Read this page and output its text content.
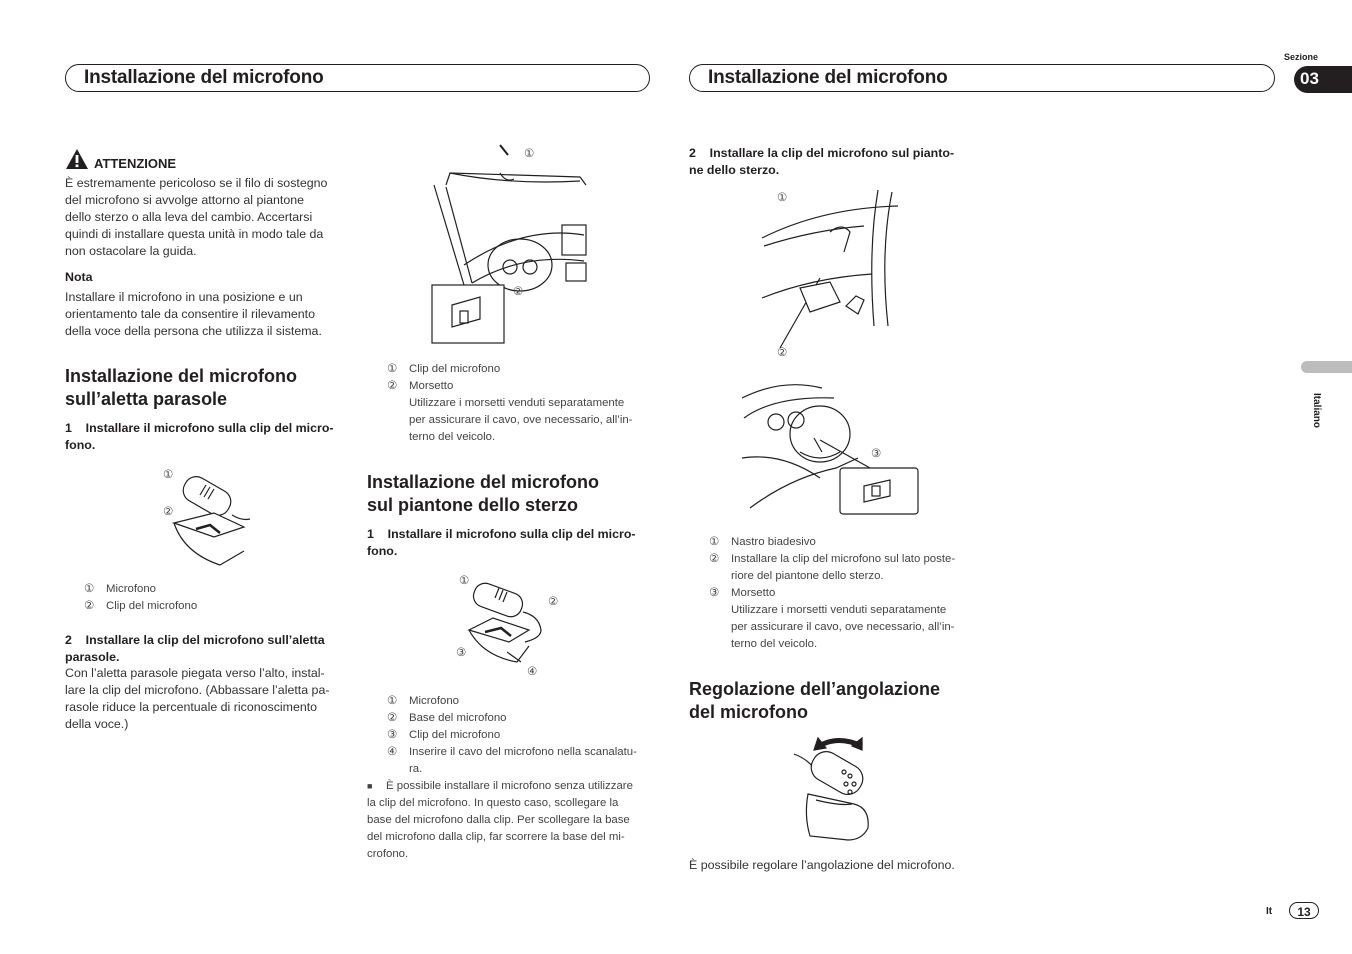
Installazione del microfono	Installazione del microfono
Sezione
03
Italiano
It	13
ATTENZIONE
È estremamente pericoloso se il filo di sostegno
del microfono si avvolge attorno al piantone
dello sterzo o alla leva del cambio. Accertarsi
quindi di installare questa unità in modo tale da
non ostacolare la guida.
Nota
Installare il microfono in una posizione e un
orientamento tale da consentire il rilevamento
della voce della persona che utilizza il sistema.
Installazione del microfono
sull’aletta parasole
1    Installare il microfono sulla clip del micro-
fono.
①
②
①	Microfono
②	Clip del microfono
2    Installare la clip del microfono sull’aletta
parasole.
Con l’aletta parasole piegata verso l’alto, instal-
lare la clip del microfono. (Abbassare l’aletta pa-
rasole riduce la percentuale di riconoscimento
della voce.)
①
②
①	Clip del microfono
②	Morsetto
Utilizzare i morsetti venduti separatamente
per assicurare il cavo, ove necessario, all’in-
terno del veicolo.
Installazione del microfono
sul piantone dello sterzo
1    Installare il microfono sulla clip del micro-
fono.
①
②
③
④
①	Microfono
②	Base del microfono
③	Clip del microfono
④	Inserire il cavo del microfono nella scanalatu-
ra.
■	È possibile installare il microfono senza utilizzare
la clip del microfono. In questo caso, scollegare la
base del microfono dalla clip. Per scollegare la base
del microfono dalla clip, far scorrere la base del mi-
crofono.
2    Installare la clip del microfono sul pianto-
ne dello sterzo.
①
②
③
①	Nastro biadesivo
②	Installare la clip del microfono sul lato poste-
riore del piantone dello sterzo.
③	Morsetto
Utilizzare i morsetti venduti separatamente
per assicurare il cavo, ove necessario, all’in-
terno del veicolo.
Regolazione dell’angolazione
del microfono
È possibile regolare l’angolazione del microfono.
